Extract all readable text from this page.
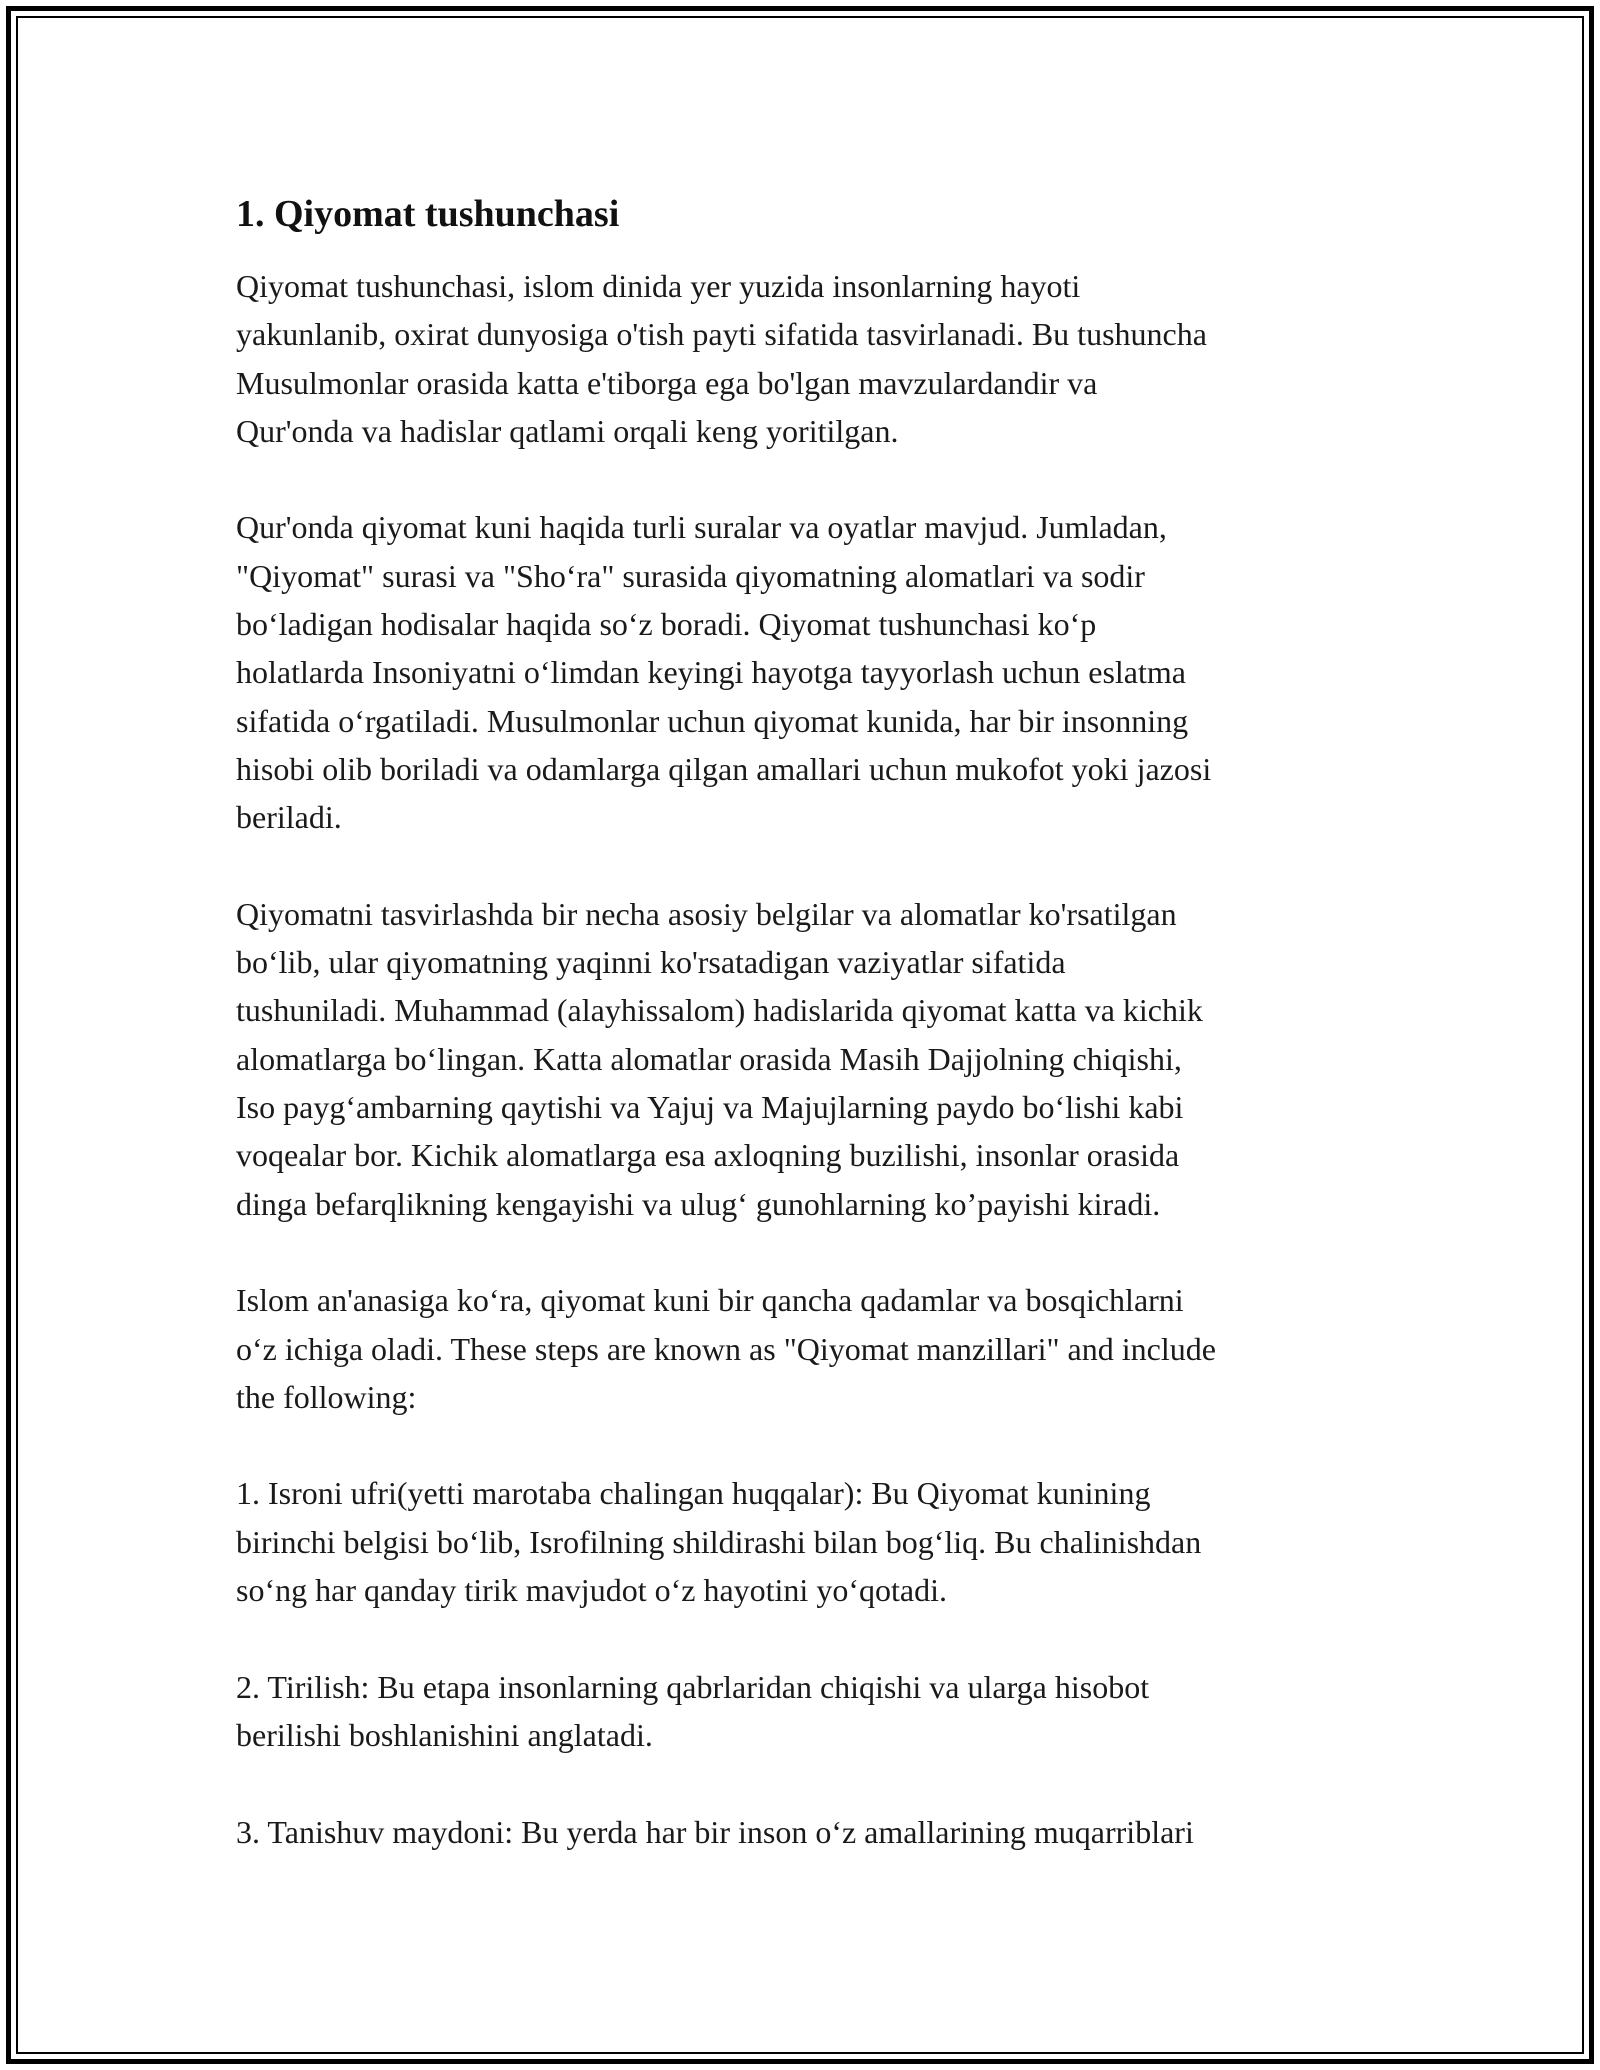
1. Qiyomat tushunchasi

Qiyomat tushunchasi, islom dinida yer yuzida insonlarning hayoti
yakunlanib, oxirat dunyosiga o'tish payti sifatida tasvirlanadi. Bu tushuncha
Musulmonlar orasida katta e'tiborga ega bo'lgan mavzulardandir va
Qur'onda va hadislar qatlami orqali keng yoritilgan.

Qur'onda qiyomat kuni haqida turli suralar va oyatlar mavjud. Jumladan,
"Qiyomat" surasi va "Sho‘ra" surasida qiyomatning alomatlari va sodir
bo‘ladigan hodisalar haqida so‘z boradi. Qiyomat tushunchasi ko‘p
holatlarda Insoniyatni o‘limdan keyingi hayotga tayyorlash uchun eslatma
sifatida o‘rgatiladi. Musulmonlar uchun qiyomat kunida, har bir insonning
hisobi olib boriladi va odamlarga qilgan amallari uchun mukofot yoki jazosi
beriladi.

Qiyomatni tasvirlashda bir necha asosiy belgilar va alomatlar ko'rsatilgan
bo‘lib, ular qiyomatning yaqinni ko'rsatadigan vaziyatlar sifatida
tushuniladi. Muhammad (alayhissalom) hadislarida qiyomat katta va kichik
alomatlarga bo‘lingan. Katta alomatlar orasida Masih Dajjolning chiqishi,
Iso payg‘ambarning qaytishi va Yajuj va Majujlarning paydo bo‘lishi kabi
voqealar bor. Kichik alomatlarga esa axloqning buzilishi, insonlar orasida
dinga befarqlikning kengayishi va ulug‘ gunohlarning ko’payishi kiradi.

Islom an'anasiga ko‘ra, qiyomat kuni bir qancha qadamlar va bosqichlarni
o‘z ichiga oladi. These steps are known as "Qiyomat manzillari" and include
the following:

1. Isroni ufri(yetti marotaba chalingan huqqalar): Bu Qiyomat kunining
birinchi belgisi bo‘lib, Isrofilning shildirashi bilan bog‘liq. Bu chalinishdan
so‘ng har qanday tirik mavjudot o‘z hayotini yo‘qotadi.

2. Tirilish: Bu etapa insonlarning qabrlaridan chiqishi va ularga hisobot
berilishi boshlanishini anglatadi.

3. Tanishuv maydoni: Bu yerda har bir inson o‘z amallarining muqarriblari
